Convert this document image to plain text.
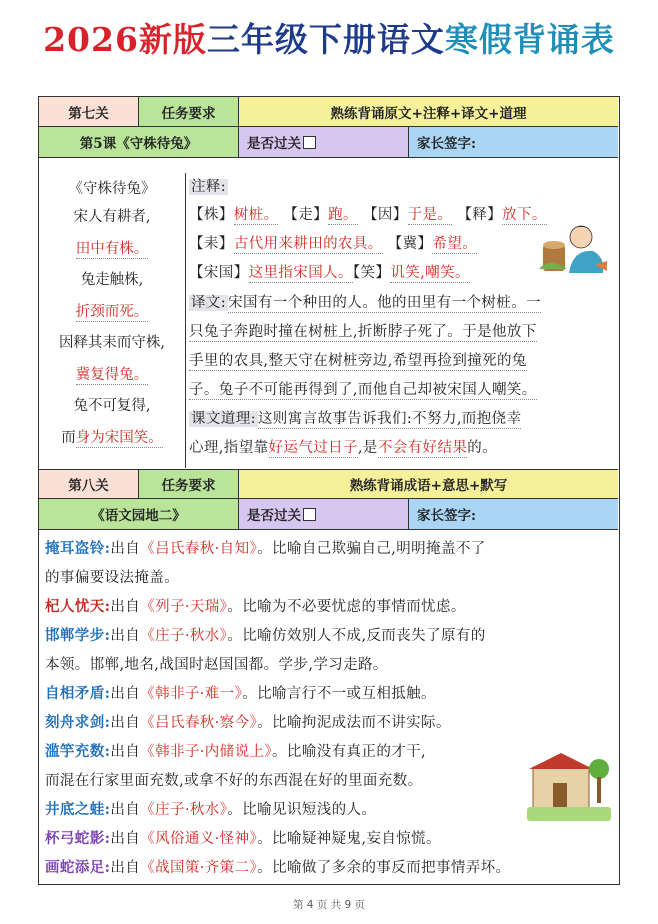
2026新版三年级下册语文寒假背诵表
第七关	任务要求	熟练背诵原文+注释+译文+道理
第5课《守株待兔》	是否过关	家长签字:
《守株待兔》
宋人有耕者,
田中有株。
兔走触株,
折颈而死。
因释其耒而守株,
冀复得兔。
兔不可复得,
而身为宋国笑。
注释:
【株】树桩。 【走】跑。 【因】于是。 【释】放下。
【耒】古代用来耕田的农具。 【冀】希望。
【宋国】这里指宋国人。【笑】讥笑,嘲笑。
译文: 宋国有一个种田的人。他的田里有一个树桩。一
只兔子奔跑时撞在树桩上,折断脖子死了。于是他放下
手里的农具,整天守在树桩旁边,希望再捡到撞死的兔
子。兔子不可能再得到了,而他自己却被宋国人嘲笑。
课文道理: 这则寓言故事告诉我们:不努力,而抱侥幸
心理,指望靠好运气过日子,是不会有好结果的。
第八关	任务要求	熟练背诵成语+意思+默写
《语文园地二》	是否过关	家长签字:
掩耳盗铃:出自《吕氏春秋·自知》。比喻自己欺骗自己,明明掩盖不了
的事偏要设法掩盖。
杞人忧天:出自《列子·天瑞》。比喻为不必要忧虑的事情而忧虑。
邯郸学步:出自《庄子·秋水》。比喻仿效别人不成,反而丧失了原有的
本领。邯郸,地名,战国时赵国国都。学步,学习走路。
自相矛盾:出自《韩非子·难一》。比喻言行不一或互相抵触。
刻舟求剑:出自《吕氏春秋·察今》。比喻拘泥成法而不讲实际。
滥竽充数:出自《韩非子·内储说上》。比喻没有真正的才干,
而混在行家里面充数,或拿不好的东西混在好的里面充数。
井底之蛙:出自《庄子·秋水》。比喻见识短浅的人。
杯弓蛇影:出自《风俗通义·怪神》。比喻疑神疑鬼,妄自惊慌。
画蛇添足:出自《战国策·齐策二》。比喻做了多余的事反而把事情弄坏。
第 4 页 共 9 页
